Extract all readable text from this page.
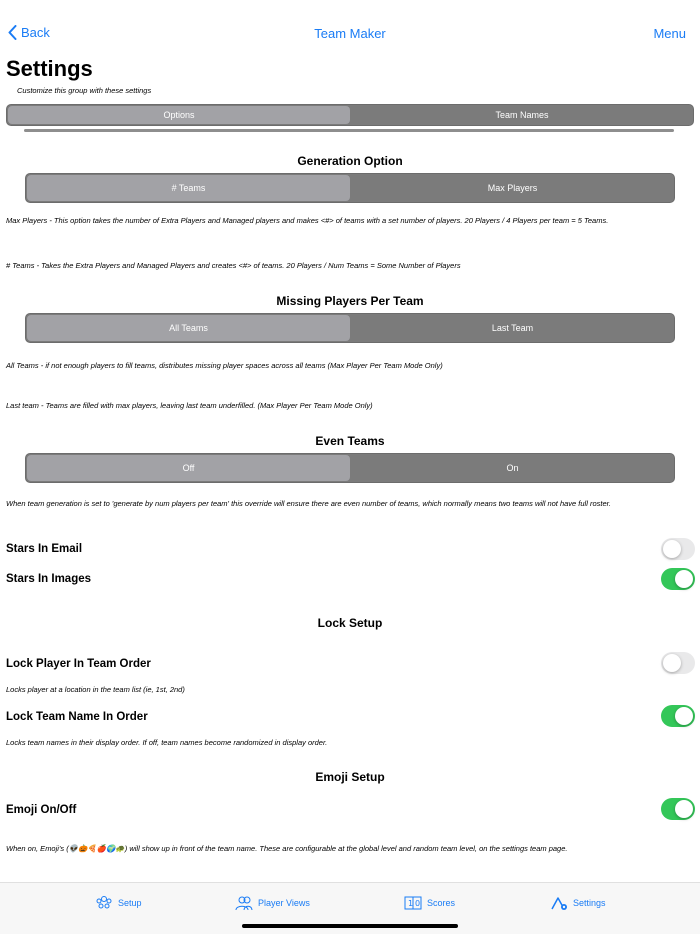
Back	Team Maker	Menu
Settings
Customize this group with these settings
Options	Team Names
Generation Option
# Teams	Max Players
Max Players - This option takes the number of Extra Players and Managed players and makes <#> of teams with a set number of players. 20 Players / 4 Players per team = 5 Teams.
# Teams - Takes the Extra Players and Managed Players and creates <#> of teams. 20 Players / Num Teams = Some Number of Players
Missing Players Per Team
All Teams	Last Team
All Teams - if not enough players to fill teams, distributes missing player spaces across all teams (Max Player Per Team Mode Only)
Last team - Teams are filled with max players, leaving last team underfilled. (Max Player Per Team Mode Only)
Even Teams
Off	On
When team generation is set to 'generate by num players per team' this override will ensure there are even number of teams, which normally means two teams will not have full roster.
Stars In Email
Stars In Images
Lock Setup
Lock Player In Team Order
Locks player at a location in the team list (ie, 1st, 2nd)
Lock Team Name In Order
Locks team names in their display order. If off, team names become randomized in display order.
Emoji Setup
Emoji On/Off
When on, Emoji's (👽🎃🍕🍎🌍🐢) will show up in front of the team name. These are configurable at the global level and random team level, on the settings team page.
Setup	Player Views	1 0 Scores	Settings
